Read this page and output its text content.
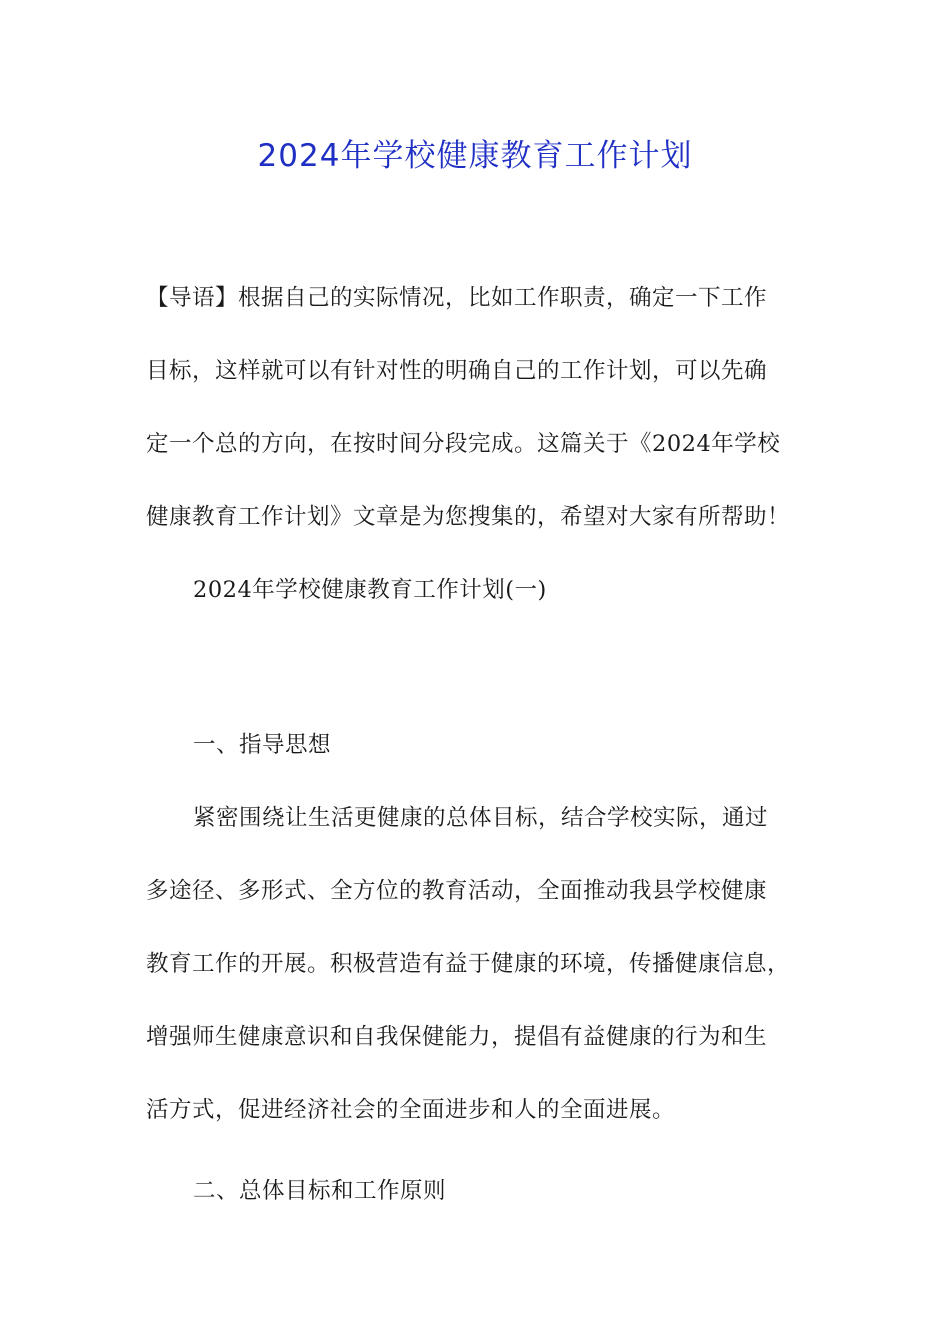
2024年学校健康教育工作计划
【导语】根据自己的实际情况，比如工作职责，确定一下工作
目标，这样就可以有针对性的明确自己的工作计划，可以先确
定一个总的方向，在按时间分段完成。这篇关于《2024年学校
健康教育工作计划》文章是为您搜集的，希望对大家有所帮助！
2024年学校健康教育工作计划(一)
一、指导思想
紧密围绕让生活更健康的总体目标，结合学校实际，通过
多途径、多形式、全方位的教育活动，全面推动我县学校健康
教育工作的开展。积极营造有益于健康的环境，传播健康信息，
增强师生健康意识和自我保健能力，提倡有益健康的行为和生
活方式，促进经济社会的全面进步和人的全面进展。
二、总体目标和工作原则
